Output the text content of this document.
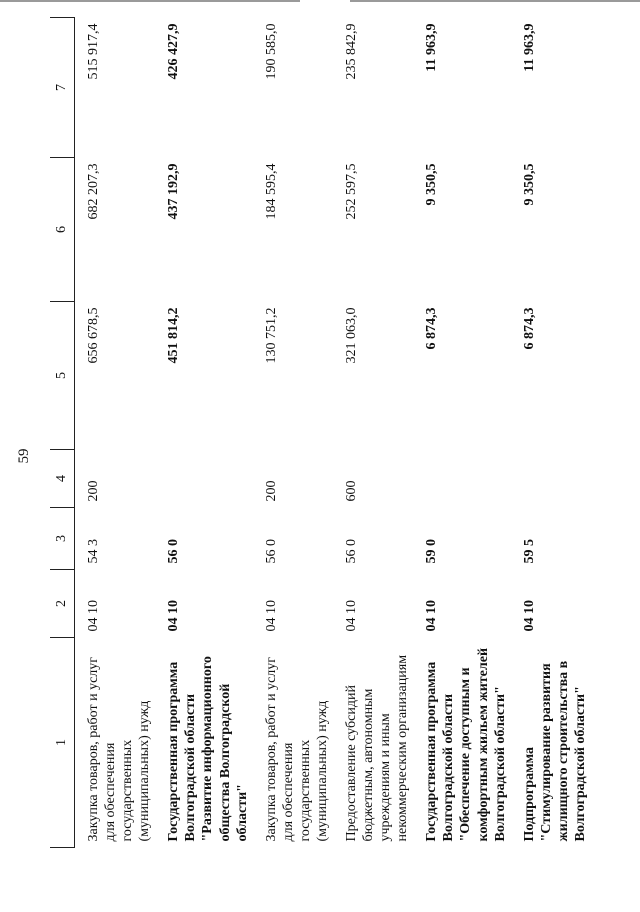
59
1	2	3	4	5	6	7
Закупка товаров, работ и услуг для обеспечения государственных (муниципальных) нужд	04 10	54 3	200	656 678,5	682 207,3	515 917,4
Государственная программа Волгоградской области "Развитие информационного общества Волгоградской области"	04 10	56 0		451 814,2	437 192,9	426 427,9
Закупка товаров, работ и услуг для обеспечения государственных (муниципальных) нужд	04 10	56 0	200	130 751,2	184 595,4	190 585,0
Предоставление субсидий бюджетным, автономным учреждениям и иным некоммерческим организациям	04 10	56 0	600	321 063,0	252 597,5	235 842,9
Государственная программа Волгоградской области "Обеспечение доступным и комфортным жильем жителей Волгоградской области"	04 10	59 0		6 874,3	9 350,5	11 963,9
Подпрограмма "Стимулирование развития жилищного строительства в Волгоградской области"	04 10	59 5		6 874,3	9 350,5	11 963,9
